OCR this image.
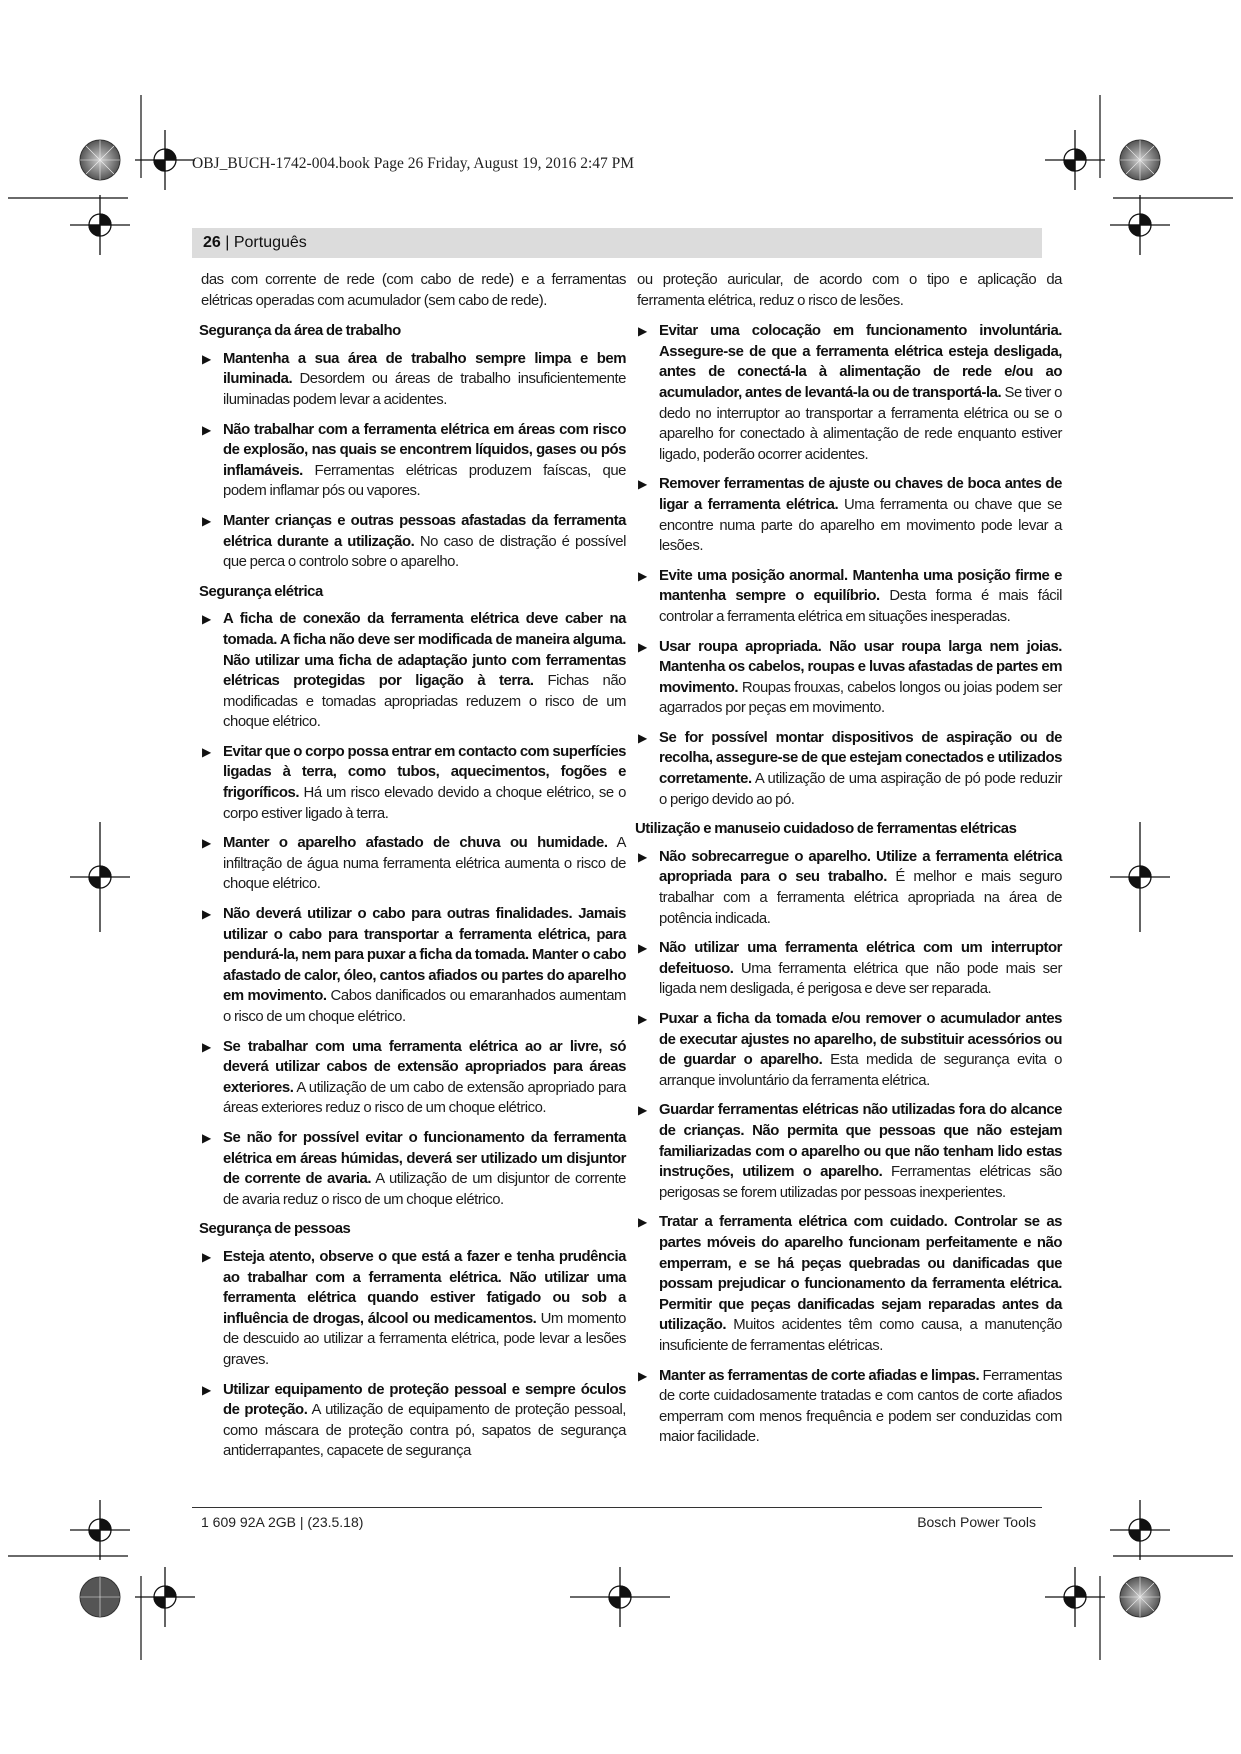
OBJ_BUCH-1742-004.book Page 26 Friday, August 19, 2016 2:47 PM
26 | Português

das com corrente de rede (com cabo de rede) e a ferramentas elétricas operadas com acumulador (sem cabo de rede).

Segurança da área de trabalho
▶ Mantenha a sua área de trabalho sempre limpa e bem iluminada. Desordem ou áreas de trabalho insuficientemente iluminadas podem levar a acidentes.
▶ Não trabalhar com a ferramenta elétrica em áreas com risco de explosão, nas quais se encontrem líquidos, gases ou pós inflamáveis. Ferramentas elétricas produzem faíscas, que podem inflamar pós ou vapores.
▶ Manter crianças e outras pessoas afastadas da ferramenta elétrica durante a utilização. No caso de distração é possível que perca o controlo sobre o aparelho.
Segurança elétrica
▶ A ficha de conexão da ferramenta elétrica deve caber na tomada. A ficha não deve ser modificada de maneira alguma. Não utilizar uma ficha de adaptação junto com ferramentas elétricas protegidas por ligação à terra. Fichas não modificadas e tomadas apropriadas reduzem o risco de um choque elétrico.
▶ Evitar que o corpo possa entrar em contacto com superfícies ligadas à terra, como tubos, aquecimentos, fogões e frigoríficos. Há um risco elevado devido a choque elétrico, se o corpo estiver ligado à terra.
▶ Manter o aparelho afastado de chuva ou humidade. A infiltração de água numa ferramenta elétrica aumenta o risco de choque elétrico.
▶ Não deverá utilizar o cabo para outras finalidades. Jamais utilizar o cabo para transportar a ferramenta elétrica, para pendurá-la, nem para puxar a ficha da tomada. Manter o cabo afastado de calor, óleo, cantos afiados ou partes do aparelho em movimento. Cabos danificados ou emaranhados aumentam o risco de um choque elétrico.
▶ Se trabalhar com uma ferramenta elétrica ao ar livre, só deverá utilizar cabos de extensão apropriados para áreas exteriores. A utilização de um cabo de extensão apropriado para áreas exteriores reduz o risco de um choque elétrico.
▶ Se não for possível evitar o funcionamento da ferramenta elétrica em áreas húmidas, deverá ser utilizado um disjuntor de corrente de avaria. A utilização de um disjuntor de corrente de avaria reduz o risco de um choque elétrico.
Segurança de pessoas
▶ Esteja atento, observe o que está a fazer e tenha prudência ao trabalhar com a ferramenta elétrica. Não utilizar uma ferramenta elétrica quando estiver fatigado ou sob a influência de drogas, álcool ou medicamentos. Um momento de descuido ao utilizar a ferramenta elétrica, pode levar a lesões graves.
▶ Utilizar equipamento de proteção pessoal e sempre óculos de proteção. A utilização de equipamento de proteção pessoal, como máscara de proteção contra pó, sapatos de segurança antiderrapantes, capacete de segurança

ou proteção auricular, de acordo com o tipo e aplicação da ferramenta elétrica, reduz o risco de lesões.

▶ Evitar uma colocação em funcionamento involuntária. Assegure-se de que a ferramenta elétrica esteja desligada, antes de conectá-la à alimentação de rede e/ou ao acumulador, antes de levantá-la ou de transportá-la. Se tiver o dedo no interruptor ao transportar a ferramenta elétrica ou se o aparelho for conectado à alimentação de rede enquanto estiver ligado, poderão ocorrer acidentes.
▶ Remover ferramentas de ajuste ou chaves de boca antes de ligar a ferramenta elétrica. Uma ferramenta ou chave que se encontre numa parte do aparelho em movimento pode levar a lesões.
▶ Evite uma posição anormal. Mantenha uma posição firme e mantenha sempre o equilíbrio. Desta forma é mais fácil controlar a ferramenta elétrica em situações inesperadas.
▶ Usar roupa apropriada. Não usar roupa larga nem joias. Mantenha os cabelos, roupas e luvas afastadas de partes em movimento. Roupas frouxas, cabelos longos ou joias podem ser agarrados por peças em movimento.
▶ Se for possível montar dispositivos de aspiração ou de recolha, assegure-se de que estejam conectados e utilizados corretamente. A utilização de uma aspiração de pó pode reduzir o perigo devido ao pó.
Utilização e manuseio cuidadoso de ferramentas elétricas
▶ Não sobrecarregue o aparelho. Utilize a ferramenta elétrica apropriada para o seu trabalho. É melhor e mais seguro trabalhar com a ferramenta elétrica apropriada na área de potência indicada.
▶ Não utilizar uma ferramenta elétrica com um interruptor defeituoso. Uma ferramenta elétrica que não pode mais ser ligada nem desligada, é perigosa e deve ser reparada.
▶ Puxar a ficha da tomada e/ou remover o acumulador antes de executar ajustes no aparelho, de substituir acessórios ou de guardar o aparelho. Esta medida de segurança evita o arranque involuntário da ferramenta elétrica.
▶ Guardar ferramentas elétricas não utilizadas fora do alcance de crianças. Não permita que pessoas que não estejam familiarizadas com o aparelho ou que não tenham lido estas instruções, utilizem o aparelho. Ferramentas elétricas são perigosas se forem utilizadas por pessoas inexperientes.
▶ Tratar a ferramenta elétrica com cuidado. Controlar se as partes móveis do aparelho funcionam perfeitamente e não emperram, e se há peças quebradas ou danificadas que possam prejudicar o funcionamento da ferramenta elétrica. Permitir que peças danificadas sejam reparadas antes da utilização. Muitos acidentes têm como causa, a manutenção insuficiente de ferramentas elétricas.
▶ Manter as ferramentas de corte afiadas e limpas. Ferramentas de corte cuidadosamente tratadas e com cantos de corte afiados emperram com menos frequência e podem ser conduzidas com maior facilidade.
1 609 92A 2GB | (23.5.18)	Bosch Power Tools
